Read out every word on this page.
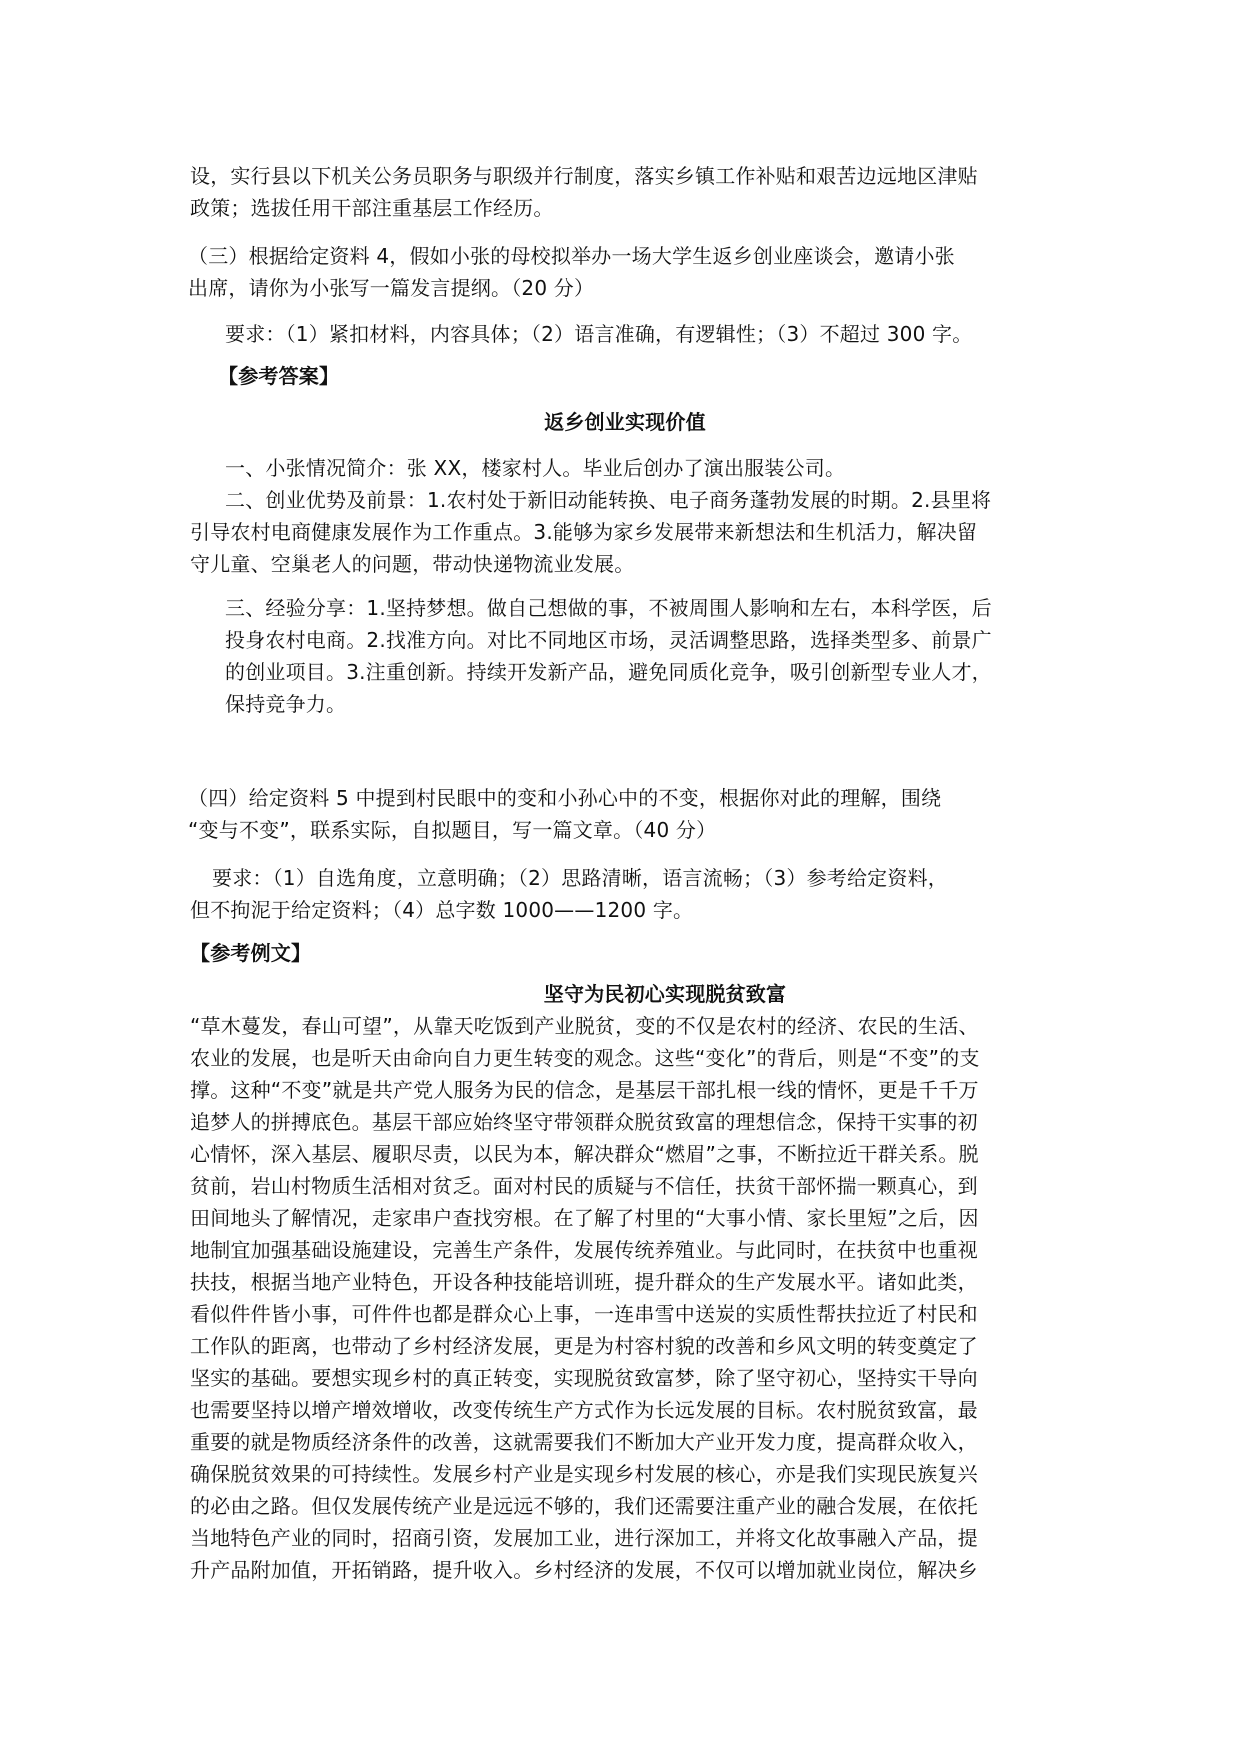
设，实行县以下机关公务员职务与职级并行制度，落实乡镇工作补贴和艰苦边远地区津贴
政策；选拔任用干部注重基层工作经历。
（三）根据给定资料 4，假如小张的母校拟举办一场大学生返乡创业座谈会，邀请小张
出席，请你为小张写一篇发言提纲。（20 分）
要求：（1）紧扣材料，内容具体；（2）语言准确，有逻辑性；（3）不超过 300 字。
【参考答案】
返乡创业实现价值
一、小张情况简介：张 XX，楼家村人。毕业后创办了演出服装公司。
二、创业优势及前景：1.农村处于新旧动能转换、电子商务蓬勃发展的时期。2.县里将
引导农村电商健康发展作为工作重点。3.能够为家乡发展带来新想法和生机活力，解决留
守儿童、空巢老人的问题，带动快递物流业发展。
三、经验分享：1.坚持梦想。做自己想做的事，不被周围人影响和左右，本科学医，后
投身农村电商。2.找准方向。对比不同地区市场，灵活调整思路，选择类型多、前景广
的创业项目。3.注重创新。持续开发新产品，避免同质化竞争，吸引创新型专业人才，
保持竞争力。
（四）给定资料 5 中提到村民眼中的变和小孙心中的不变，根据你对此的理解，围绕
“变与不变”，联系实际，自拟题目，写一篇文章。（40 分）
要求：（1）自选角度，立意明确；（2）思路清晰，语言流畅；（3）参考给定资料，
但不拘泥于给定资料；（4）总字数 1000——1200 字。
【参考例文】
坚守为民初心实现脱贫致富
“草木蔓发，春山可望”，从靠天吃饭到产业脱贫，变的不仅是农村的经济、农民的生活、
农业的发展，也是听天由命向自力更生转变的观念。这些“变化”的背后，则是“不变”的支
撑。这种“不变”就是共产党人服务为民的信念，是基层干部扎根一线的情怀，更是千千万
追梦人的拼搏底色。基层干部应始终坚守带领群众脱贫致富的理想信念，保持干实事的初
心情怀，深入基层、履职尽责，以民为本，解决群众“燃眉”之事，不断拉近干群关系。脱
贫前，岩山村物质生活相对贫乏。面对村民的质疑与不信任，扶贫干部怀揣一颗真心，到
田间地头了解情况，走家串户查找穷根。在了解了村里的“大事小情、家长里短”之后，因
地制宜加强基础设施建设，完善生产条件，发展传统养殖业。与此同时，在扶贫中也重视
扶技，根据当地产业特色，开设各种技能培训班，提升群众的生产发展水平。诸如此类，
看似件件皆小事，可件件也都是群众心上事，一连串雪中送炭的实质性帮扶拉近了村民和
工作队的距离，也带动了乡村经济发展，更是为村容村貌的改善和乡风文明的转变奠定了
坚实的基础。要想实现乡村的真正转变，实现脱贫致富梦，除了坚守初心，坚持实干导向
也需要坚持以增产增效增收，改变传统生产方式作为长远发展的目标。农村脱贫致富，最
重要的就是物质经济条件的改善，这就需要我们不断加大产业开发力度，提高群众收入，
确保脱贫效果的可持续性。发展乡村产业是实现乡村发展的核心，亦是我们实现民族复兴
的必由之路。但仅发展传统产业是远远不够的，我们还需要注重产业的融合发展，在依托
当地特色产业的同时，招商引资，发展加工业，进行深加工，并将文化故事融入产品，提
升产品附加值，开拓销路，提升收入。乡村经济的发展，不仅可以增加就业岗位，解决乡
